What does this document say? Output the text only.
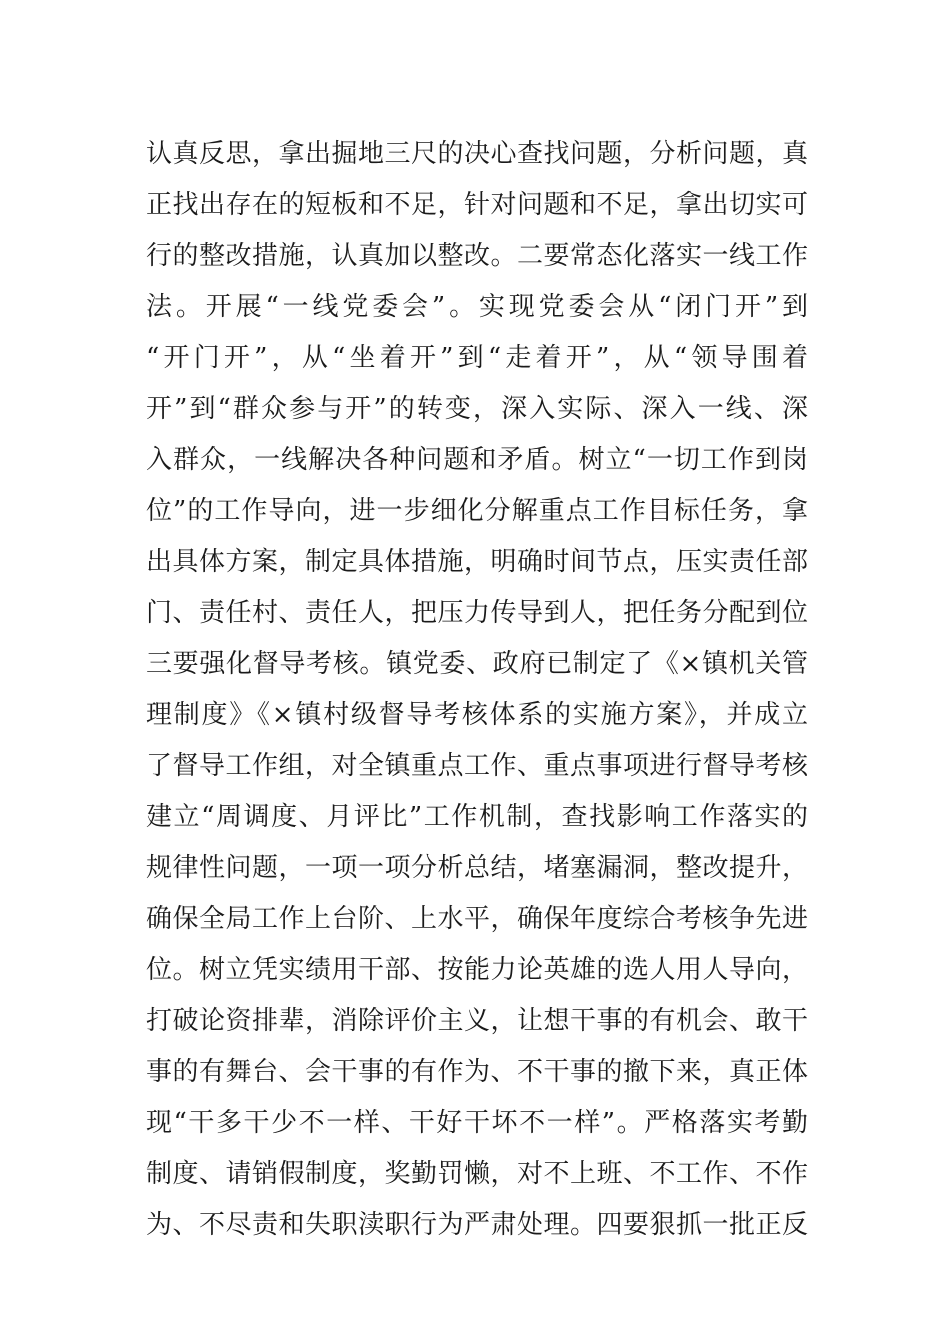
认真反思，拿出掘地三尺的决心查找问题，分析问题，真
正找出存在的短板和不足，针对问题和不足，拿出切实可
行的整改措施，认真加以整改。二要常态化落实一线工作
法。开展“一线党委会”。实现党委会从“闭门开”到
“开门开”，从“坐着开”到“走着开”，从“领导围着
开”到“群众参与开”的转变，深入实际、深入一线、深
入群众，一线解决各种问题和矛盾。树立“一切工作到岗
位”的工作导向，进一步细化分解重点工作目标任务，拿
出具体方案，制定具体措施，明确时间节点，压实责任部
门、责任村、责任人，把压力传导到人，把任务分配到位
三要强化督导考核。镇党委、政府已制定了《×镇机关管
理制度》《×镇村级督导考核体系的实施方案》，并成立
了督导工作组，对全镇重点工作、重点事项进行督导考核
建立“周调度、月评比”工作机制，查找影响工作落实的
规律性问题，一项一项分析总结，堵塞漏洞，整改提升，
确保全局工作上台阶、上水平，确保年度综合考核争先进
位。树立凭实绩用干部、按能力论英雄的选人用人导向，
打破论资排辈，消除评价主义，让想干事的有机会、敢干
事的有舞台、会干事的有作为、不干事的撤下来，真正体
现“干多干少不一样、干好干坏不一样”。严格落实考勤
制度、请销假制度，奖勤罚懒，对不上班、不工作、不作
为、不尽责和失职渎职行为严肃处理。四要狠抓一批正反
